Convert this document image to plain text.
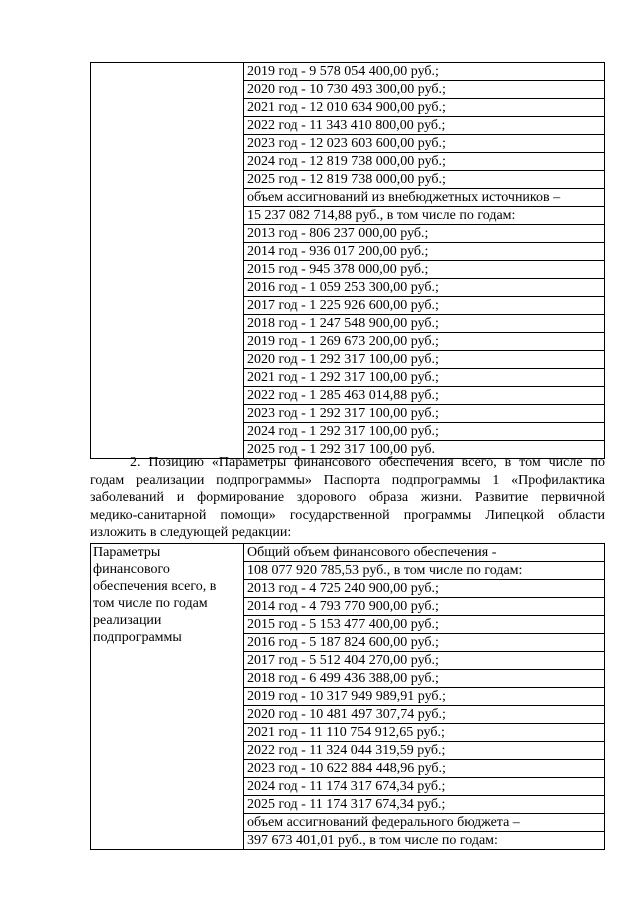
2019 год - 9 578 054 400,00 руб.;
2020 год - 10 730 493 300,00 руб.;
2021 год - 12 010 634 900,00 руб.;
2022 год - 11 343 410 800,00 руб.;
2023 год - 12 023 603 600,00 руб.;
2024 год - 12 819 738 000,00 руб.;
2025 год - 12 819 738 000,00 руб.;
объем ассигнований из внебюджетных источников –
15 237 082 714,88 руб., в том числе по годам:
2013 год - 806 237 000,00 руб.;
2014 год - 936 017 200,00 руб.;
2015 год - 945 378 000,00 руб.;
2016 год - 1 059 253 300,00 руб.;
2017 год - 1 225 926 600,00 руб.;
2018 год - 1 247 548 900,00 руб.;
2019 год - 1 269 673 200,00 руб.;
2020 год - 1 292 317 100,00 руб.;
2021 год - 1 292 317 100,00 руб.;
2022 год - 1 285 463 014,88 руб.;
2023 год - 1 292 317 100,00 руб.;
2024 год - 1 292 317 100,00 руб.;
2025 год - 1 292 317 100,00 руб.
2. Позицию «Параметры финансового обеспечения всего, в том числе по
годам реализации подпрограммы» Паспорта подпрограммы 1 «Профилактика
заболеваний и формирование здорового образа жизни. Развитие первичной
медико-санитарной помощи» государственной программы Липецкой области
изложить в следующей редакции:
Параметры
финансового
обеспечения всего, в
том числе по годам
реализации
подпрограммы

Общий объем финансового обеспечения -
108 077 920 785,53 руб., в том числе по годам:
2013 год - 4 725 240 900,00 руб.;
2014 год - 4 793 770 900,00 руб.;
2015 год - 5 153 477 400,00 руб.;
2016 год - 5 187 824 600,00 руб.;
2017 год - 5 512 404 270,00 руб.;
2018 год - 6 499 436 388,00 руб.;
2019 год - 10 317 949 989,91 руб.;
2020 год - 10 481 497 307,74 руб.;
2021 год - 11 110 754 912,65 руб.;
2022 год - 11 324 044 319,59 руб.;
2023 год - 10 622 884 448,96 руб.;
2024 год - 11 174 317 674,34 руб.;
2025 год - 11 174 317 674,34 руб.;
объем ассигнований федерального бюджета –
397 673 401,01 руб., в том числе по годам:
